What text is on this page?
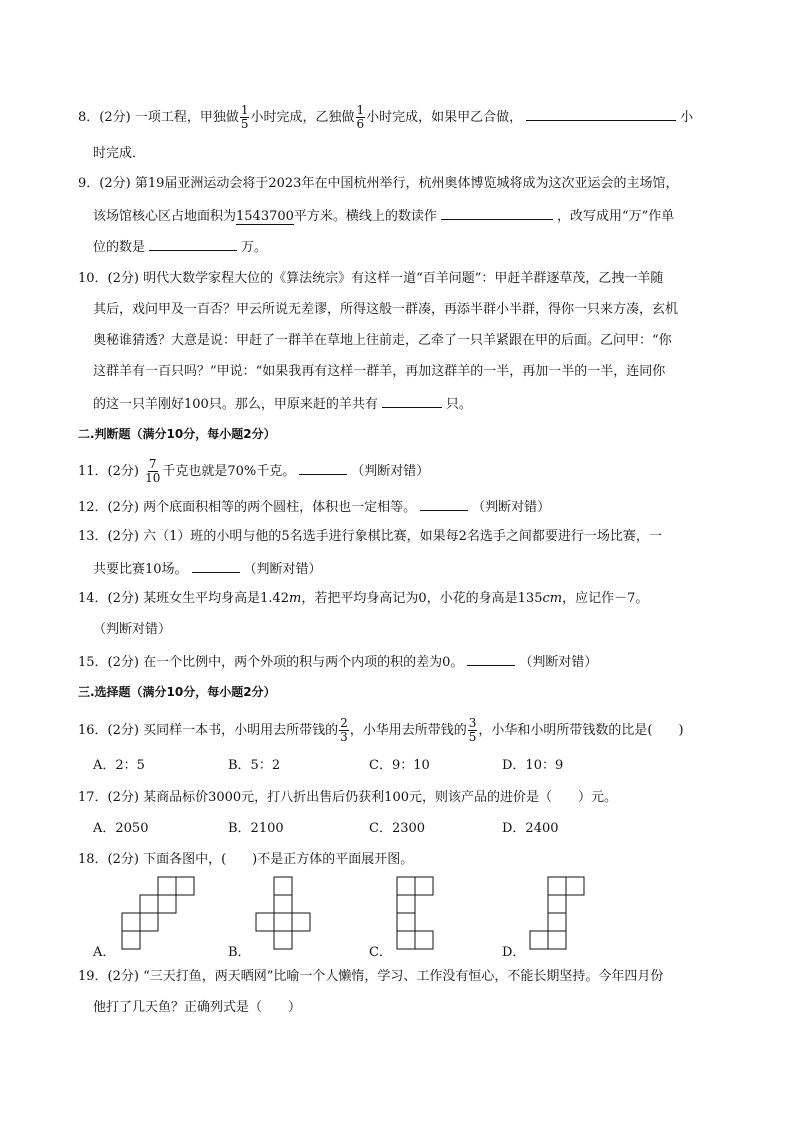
8．(2分) 一项工程，甲独做 $\frac{1}{5}$ 小时完成，乙独做 $\frac{1}{6}$ 小时完成，如果甲乙合做，	小
时完成．
9．(2分) 第19届亚洲运动会将于2023年在中国杭州举行，杭州奥体博览城将成为这次亚运会的主场馆，
该场馆核心区占地面积为1543700平方米。横线上的数读作	，改写成用“万”作单
位的数是	万。
10．(2分) 明代大数学家程大位的《算法统宗》有这样一道“百羊问题”：甲赶羊群逐草茂，乙拽一羊随
其后，戏问甲及一百否？甲云所说无差谬，所得这般一群凑，再添半群小半群，得你一只来方凑，玄机
奥秘谁猜透？大意是说：甲赶了一群羊在草地上往前走，乙牵了一只羊紧跟在甲的后面。乙问甲：“你
这群羊有一百只吗？”甲说：“如果我再有这样一群羊，再加这群羊的一半，再加一半的一半，连同你
的这一只羊刚好100只。那么，甲原来赶的羊共有	只。
二.判断题（满分10分，每小题2分）
11．(2分) $\frac{7}{10}$ 千克也就是70%千克。	（判断对错）
12．(2分) 两个底面积相等的两个圆柱，体积也一定相等。	（判断对错）
13．(2分) 六（1）班的小明与他的5名选手进行象棋比赛，如果每2名选手之间都要进行一场比赛，一
共要比赛10场。	（判断对错）
14．(2分) 某班女生平均身高是1.42m，若把平均身高记为0，小花的身高是135cm，应记作－7。
（判断对错）
15．(2分) 在一个比例中，两个外项的积与两个内项的积的差为0。	（判断对错）
三.选择题（满分10分，每小题2分）
16．(2分) 买同样一本书，小明用去所带钱的 $\frac{2}{3}$ ，小华用去所带钱的 $\frac{3}{5}$ ，小华和小明所带钱数的比是(　　)
A．2：5	B．5：2	C．9：10	D．10：9
17．(2分) 某商品标价3000元，打八折出售后仍获利100元，则该产品的进价是（　　）元。
A．2050	B．2100	C．2300	D．2400
18．(2分) 下面各图中，(　　)不是正方体的平面展开图。
A．	B．	C．	D．
19．(2分) “三天打鱼，两天晒网”比喻一个人懒惰，学习、工作没有恒心，不能长期坚持。今年四月份
他打了几天鱼？正确列式是（　　）
